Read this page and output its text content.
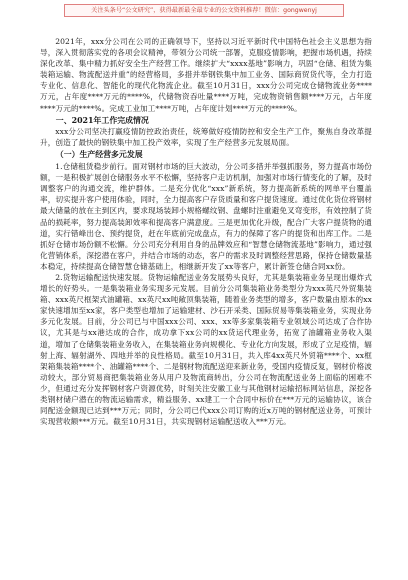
关注头条号“公文研究”，获得最新最全最专业的公文资料推荐！微信：gongwenyj

2021年，xxx分公司在公司的正确领导下，坚持以习近平新时代中国特色社会主义思想为指导，深入贯彻落实党的各项会议精神，带领分公司统一部署，克服疫情影响，把握市场机遇，持续深化改革、集中精力抓好安全生产经营工作。继续扩大“xxxx基地”影响力，巩固“仓储、租赁为集装箱运输、物流配送并重”的经营格局，多措并举钢铁集中加工业务、国际商贸货代等，全力打造专业化、信息化、智能化的现代化物流企业。截至10月31日，xxx分公司完成仓储物流业务****万元，占年度****万元的****%，代储物资吞吐量****万吨，完成物资销售额****万元，占年度****万元的****%。完成工业加工****万吨，占年度计划****万元的****%。

一、2021年工作完成情况

xxx分公司坚决打赢疫情防控政治责任，统筹做好疫情防控和安全生产工作，聚焦自身改革提升，创造了最快的钢铁集中加工投产效率，实现了生产经营多元发展局面。

（一）生产经营多元发展

1.仓储租赁稳步前行。面对钢材市场的巨大波动，分公司多措并举强抓服务，努力提高市场份额，一是积极扩展创仓储服务水平不松懈，坚持客户走访机制，加强对市场行情变化的了解，及时调整客户的沟通交流，维护群体。二是充分优化“xxx”新系统，努力提高新系统的网单平台覆盖率，切实提升客户使用体验，同时，全力提高客户存货质量和客户提货速度。通过优化货位将钢材最大储量的放在主到区内，要求现场装卸小规格螺纹钢、盘螺时注重避免叉弯变形，有效控制了货品的损耗率，努力提高装卸效率和提高客户满意度。三是更加优化升级，配合广大客户提货物的通道，实行错峰出仓、预约提货，赶在年底前完成盘点，有力的保障了客户的提货和出库工作。二是抓好仓储市场份额不松懈。分公司充分利用自身的品牌效应和“智慧仓储物流基地”影响力，通过强化营销体系，深挖潜在客户，并结合市场的动态，客户的需求及时调整经营思路，保持仓储数量基本稳定，持续提高仓储智慧仓储基础上，相继新开发了xx等客户，累计新签仓储合同xx份。

2.货物运输配送快速发展。货物运输配送业务发展势头良好，尤其是集装箱业务呈现出爆炸式增长的好势头。一是集装箱业务实现多元发展。目前分公司集装箱业务类型分为xxx英尺外贸集装箱、xxx英尺框架式油罐箱、xx英尺xx吨敞顶集装箱，随着业务类型的增多，客户数量由原本的xx家快速增加至xx家，客户类型也增加了运输建材、沙石开采类、国际贸易等集装箱业务，实现业务多元化发展。目前，分公司已与中国xxx公司、xxx、xx等多家集装箱专业领域公司达成了合作协议，尤其是与xx港达成的合作，成功拿下xx公司的xx货运代理业务，拓宽了油罐箱业务收入渠道，增加了仓储集装箱业务收入，在集装箱业务向规模化、专业化方向发展，形成了立足疫情，辐射上海、辐射湖外、四地并举的良性格局。截至10月31日，共入库4xx英尺外贸箱****个、xx框架箱集装箱****个、油罐箱****个、二是钢材物流配送迎来新业务，受国内疫情反复，钢材价格波动较大，部分贸易商把集装箱业务从用户及物流商转出，分公司在物流配送业务上面临的困难不少，但通过充分发挥钢材客户资源优势，时刻关注安徽工业与其他钢材运输招标网站信息，深挖各类钢材储户潜在的物流运输需求，精益服务、xx建工一个合同中标价在***万元的运输协议，该合同配送金额现已达到***万元；同时，分公司已代xxx公司订购的近x万吨的钢材配送业务，可预计实现营收额***万元。截至10月31日，共实现钢材运输配送收入***万元。
